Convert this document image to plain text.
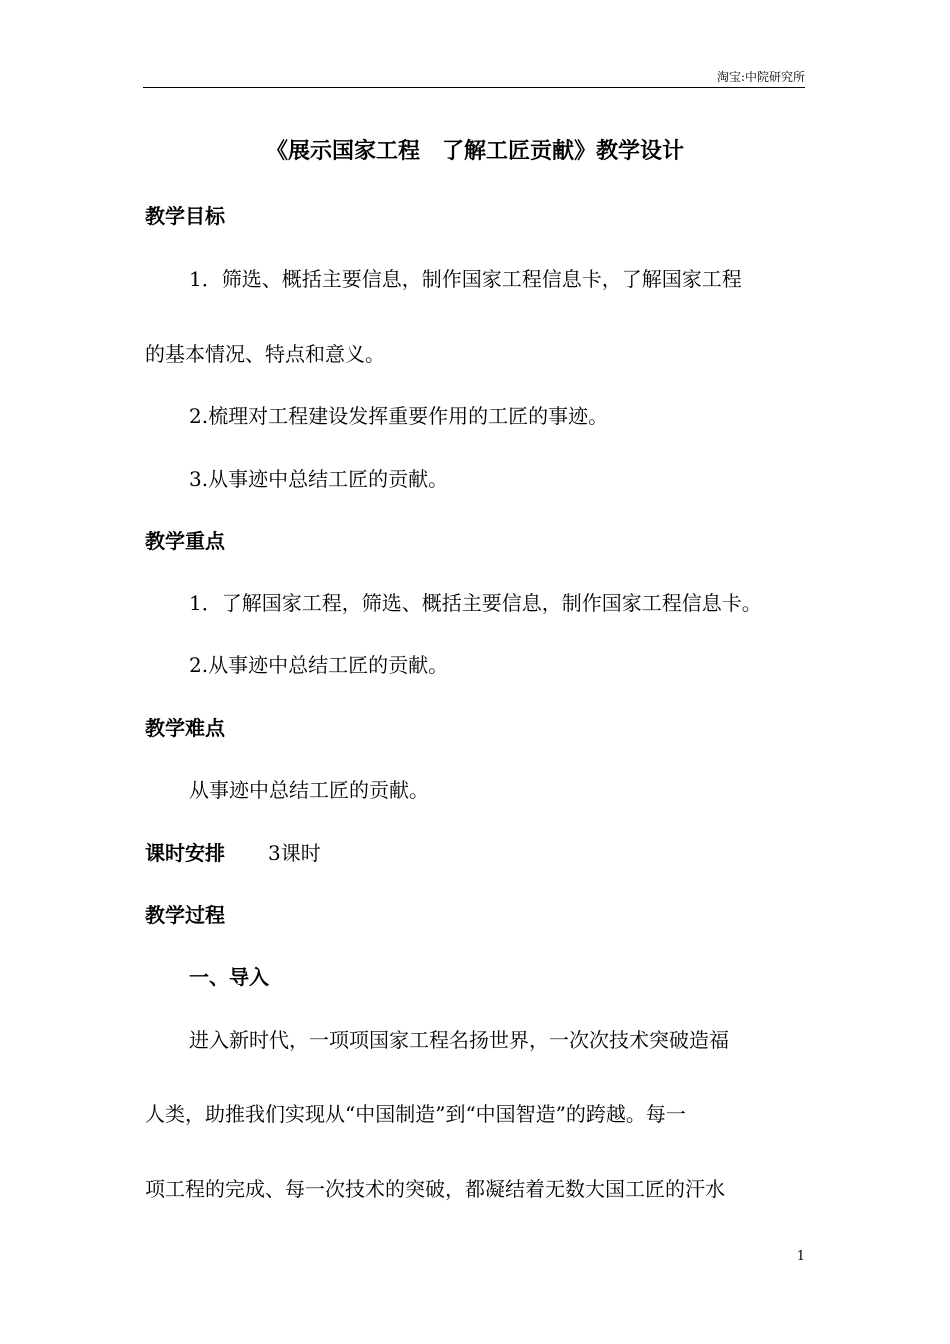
淘宝:中院研究所
《展示国家工程　了解工匠贡献》教学设计
教学目标
1．筛选、概括主要信息，制作国家工程信息卡，了解国家工程
的基本情况、特点和意义。
2.梳理对工程建设发挥重要作用的工匠的事迹。
3.从事迹中总结工匠的贡献。
教学重点
1．了解国家工程，筛选、概括主要信息，制作国家工程信息卡。
2.从事迹中总结工匠的贡献。
教学难点
从事迹中总结工匠的贡献。
课时安排 3课时
教学过程
一、导入
进入新时代，一项项国家工程名扬世界，一次次技术突破造福
人类，助推我们实现从“中国制造”到“中国智造”的跨越。每一
项工程的完成、每一次技术的突破，都凝结着无数大国工匠的汗水
1
